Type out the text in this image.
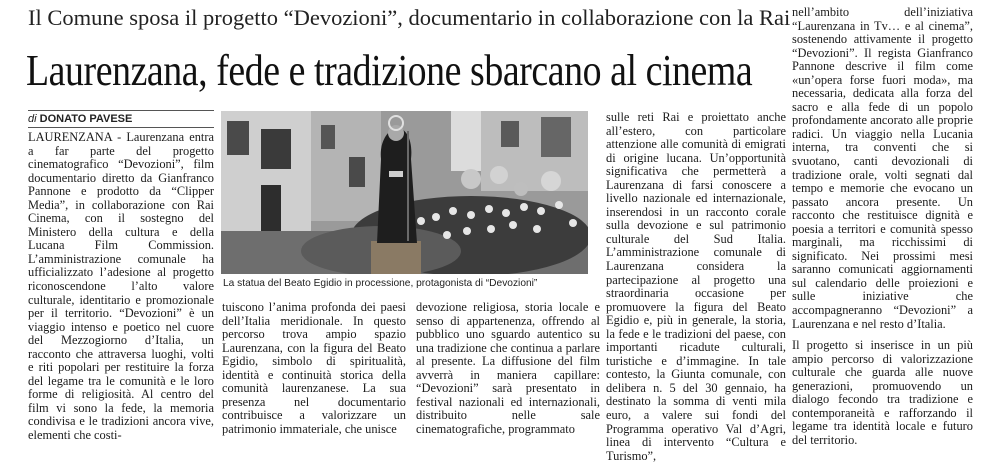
Il Comune sposa il progetto “Devozioni”, documentario in collaborazione con la Rai
Laurenzana, fede e tradizione sbarcano al cinema
di DONATO PAVESE

LAURENZANA - Laurenzana entra a far parte del progetto cinematografico “Devozioni”, film documentario diretto da Gianfranco Pannone e prodotto da “Clipper Media”, in collaborazione con Rai Cinema, con il sostegno del Ministero della cultura e della Lucana Film Commission. L’amministrazione comunale ha ufficializzato l’adesione al progetto riconoscendone l’alto valore culturale, identitario e promozionale per il territorio. “Devozioni” è un viaggio intenso e poetico nel cuore del Mezzogiorno d’Italia, un racconto che attraversa luoghi, volti e riti popolari per restituire la forza del legame tra le comunità e le loro forme di religiosità. Al centro del film vi sono la fede, la memoria condivisa e le tradizioni ancora vive, elementi che costi-

La statua del Beato Egidio in processione, protagonista di “Devozioni”

tuiscono l’anima profonda dei paesi dell’Italia meridionale. In questo percorso trova ampio spazio Laurenzana, con la figura del Beato Egidio, simbolo di spiritualità, identità e continuità storica della comunità laurenzanese. La sua presenza nel documentario contribuisce a valorizzare un patrimonio immateriale, che unisce

devozione religiosa, storia locale e senso di appartenenza, offrendo al pubblico uno sguardo autentico su una tradizione che continua a parlare al presente. La diffusione del film avverrà in maniera capillare: “Devozioni” sarà presentato in festival nazionali ed internazionali, distribuito nelle sale cinematografiche, programmato

sulle reti Rai e proiettato anche all’estero, con particolare attenzione alle comunità di emigrati di origine lucana. Un’opportunità significativa che permetterà a Laurenzana di farsi conoscere a livello nazionale ed internazionale, inserendosi in un racconto corale sulla devozione e sul patrimonio culturale del Sud Italia. L’amministrazione comunale di Laurenzana considera la partecipazione al progetto una straordinaria occasione per promuovere la figura del Beato Egidio e, più in generale, la storia, la fede e le tradizioni del paese, con importanti ricadute culturali, turistiche e d’immagine. In tale contesto, la Giunta comunale, con delibera n. 5 del 30 gennaio, ha destinato la somma di venti mila euro, a valere sui fondi del Programma operativo Val d’Agri, linea di intervento “Cultura e Turismo”,

nell’ambito dell’iniziativa “Laurenzana in Tv… e al cinema”, sostenendo attivamente il progetto “Devozioni”. Il regista Gianfranco Pannone descrive il film come «un’opera forse fuori moda», ma necessaria, dedicata alla forza del sacro e alla fede di un popolo profondamente ancorato alle proprie radici. Un viaggio nella Lucania interna, tra conventi che si svuotano, canti devozionali di tradizione orale, volti segnati dal tempo e memorie che evocano un passato ancora presente. Un racconto che restituisce dignità e poesia a territori e comunità spesso marginali, ma ricchissimi di significato. Nei prossimi mesi saranno comunicati aggiornamenti sul calendario delle proiezioni e sulle iniziative che accompagneranno “Devozioni” a Laurenzana e nel resto d’Italia.

Il progetto si inserisce in un più ampio percorso di valorizzazione culturale che guarda alle nuove generazioni, promuovendo un dialogo fecondo tra tradizione e contemporaneità e rafforzando il legame tra identità locale e futuro del territorio.
